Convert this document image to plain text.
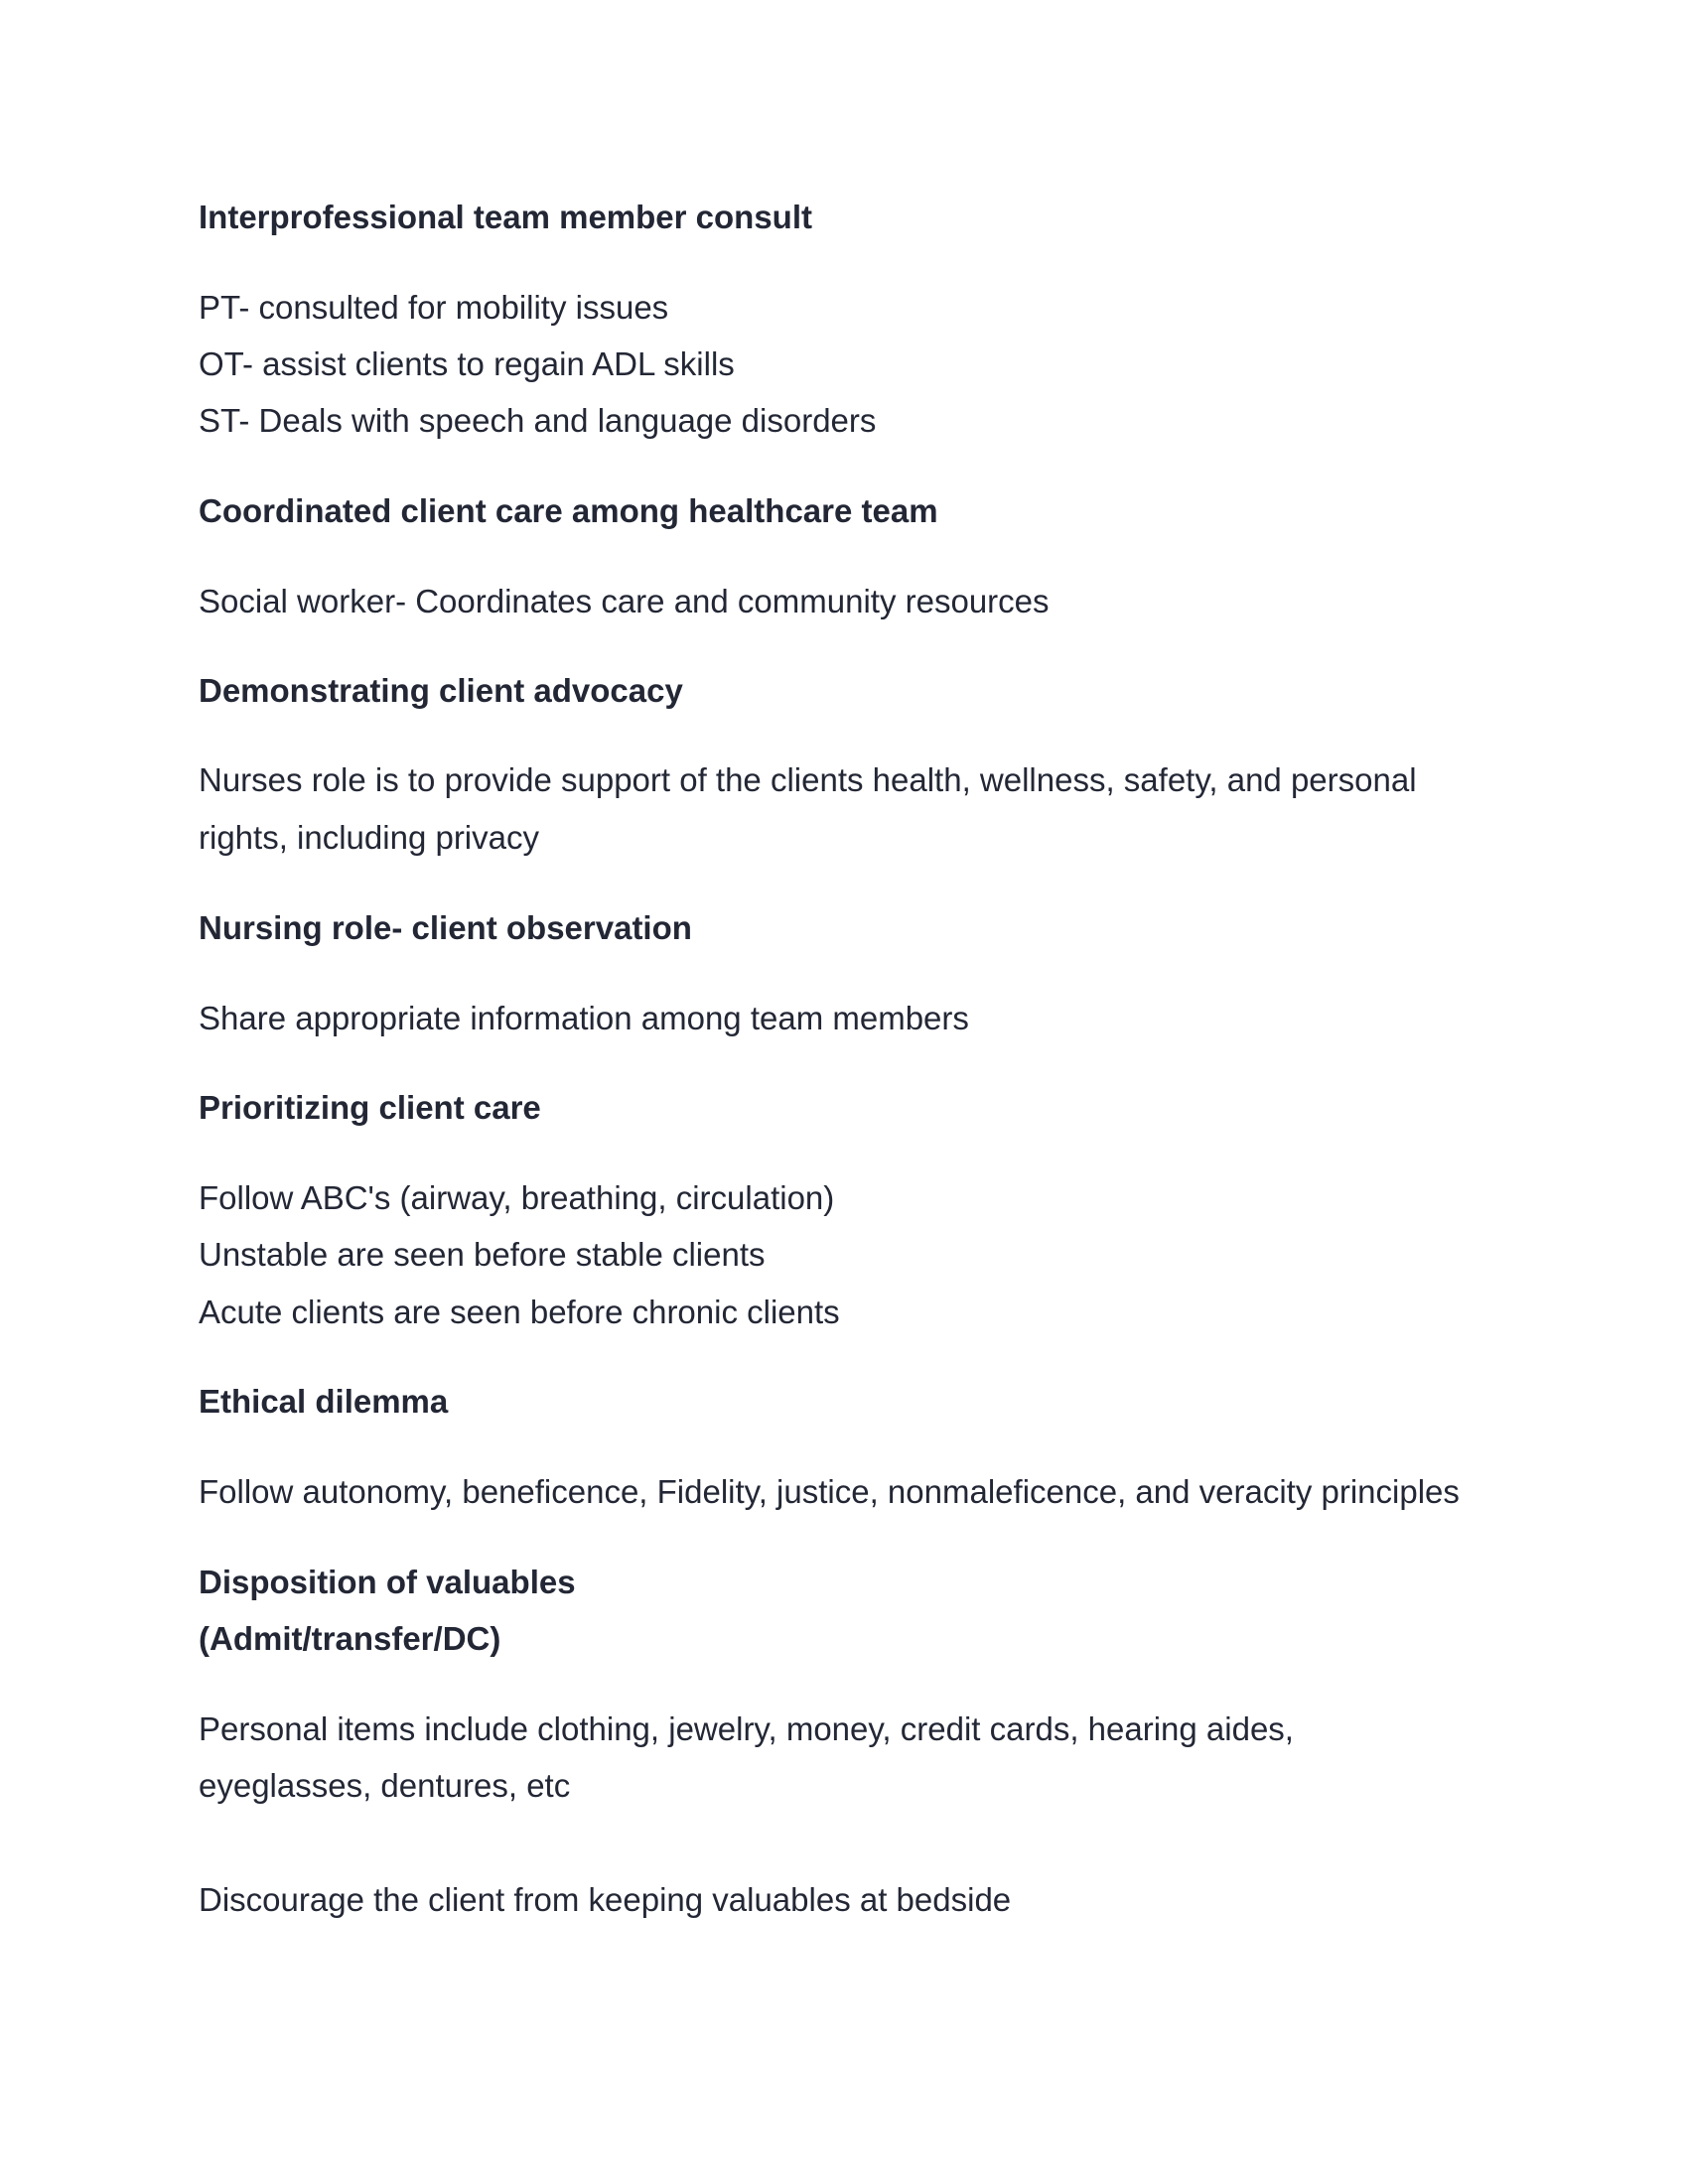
Interprofessional team member consult

PT- consulted for mobility issues

OT- assist clients to regain ADL skills

ST- Deals with speech and language disorders

Coordinated client care among healthcare team

Social worker- Coordinates care and community resources

Demonstrating client advocacy

Nurses role is to provide support of the clients health, wellness, safety, and personal

rights, including privacy

Nursing role- client observation

Share appropriate information among team members

Prioritizing client care

Follow ABC's (airway, breathing, circulation)

Unstable are seen before stable clients

Acute clients are seen before chronic clients

Ethical dilemma

Follow autonomy, beneficence, Fidelity, justice, nonmaleficence, and veracity principles

Disposition of valuables

(Admit/transfer/DC)

Personal items include clothing, jewelry, money, credit cards, hearing aides,

eyeglasses, dentures, etc

Discourage the client from keeping valuables at bedside
